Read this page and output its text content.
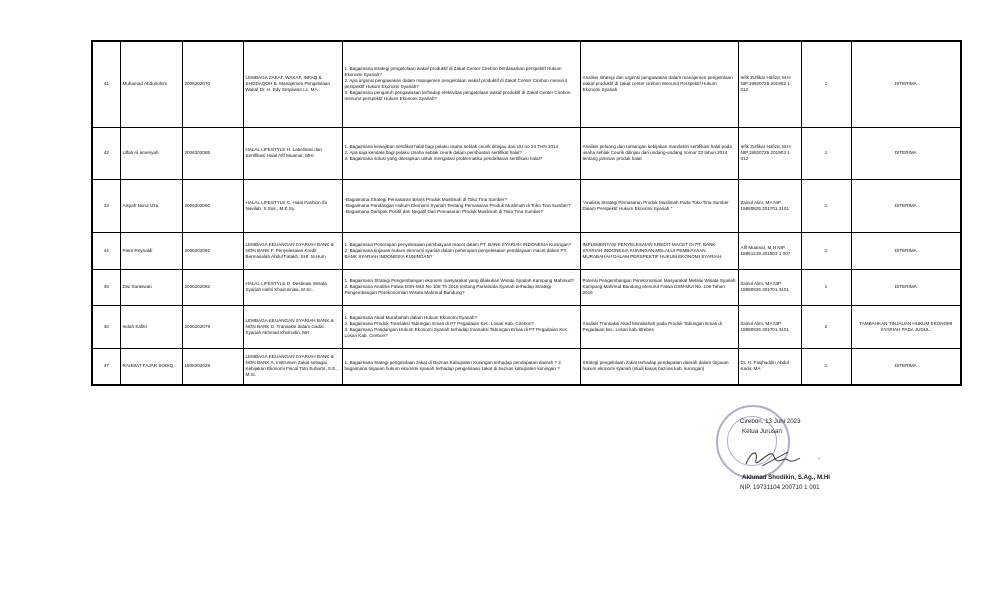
41	Muhamad Abdulrohim	2006202070	LEMBAGA ZAKAT, WAKAF, INFAQ & SHODAQOH B. Manajemen Pengelolaan Wakaf Dr. H. Edy Setyawan Lc, MA	1. Bagaimana strategi pengelolaan wakaf produktif di Zakat Center Cirebon berdasarkan perspektif Hukum Ekonomi Syariah?
2. Apa urgensi pengawasan dalam manajemen pengelolaan wakaf produktif di Zakat Center Cirebon menurut perspektif Hukum Ekonomi Syariah?
3. Bagaimana pengaruh pengawasan terhadap efektivitas pengelolaan wakaf produktif di Zakat Center Cirebon menurut perspektif Hukum Ekonomi Syariah?	Analisis strategi dan urgensi pengawasan dalam manajemen pengelolaan wakaf produktif di zakat center cirebon Menurut Perspektif Hukum Ekonomi Syariah	Iefik Zulfikar Hafizd, M.H NIP.19920725 201903 1 012	1	DITERIMA
42	Ulfah Al ameriyah	2006202065	HALAL LIFESTYLE H. Labelisasi dan Sertifikasi Halal Afif Muamar, MHI	1. Bagaimana kewajiban sertifikat halal bagi pelaku usaha seblak ceurik ditinjau dari UU no 33 THN 2014
2. Apa saja kendala bagi pelaku Usaha seblak ceurik dalam pembuatan sertifikat halal?
3. Bagaimana solusi yang diterapkan untuk mengatasi problematika pendaftaran sertifikasi halal?	Analisis peluang dan tantangan kebijakan mandatori sertifikasi halal pada usaha seblak Ceurik ditinjau dari undang-undang nomor 33 tahun 2014 tentang jaminan produk halal	Iefik Zulfikar Hafizd, M.H NIP.19920725 201903 1 012	1	DITERIMA
43	Alsyah Nurul Izza	2006202060	HALAL LIFESTYLE C. Halal Fashion Ifa Navilah, S.Sos., M.E.Sy.	-Bagaimana Strategi Pemasaran Bisnis Produk Muslimah di Toko Tina Sumber?
-Bagaimana Pandangan Hukum Ekonomi Syariah Tentang Pemasaran Produk Muslimah di Toko Tina Sumber?
-Bagaimana Dampak Positif dan Negatif Dari Pemasaran Produk Muslimah di Toko Tina Sumber?	"Analisis Strategi Pemasaran Produk Muslimah Pada Toko Tina Sumber Dalam Perspektif Hukum Ekonomi Syariah."	Zainul Alim, MA NIP. 19880825 201701 3101	1	DITERIMA
44	Piere Reynaldi	2006202092	LEMBAGA KEUANGAN SYARIAH BANK & NON BANK F. Penyelesaian Kredit Bermasalah Abdul Fatakh, SHI. M.Hum	1. Bagaimana Penerapan penyelesaian pembiayaan macet dalam PT. BANK SYARIAH INDONESIA Kuningan?
2. Bagaimana tinjauan hukum ekonomi syariah dalam penerapan penyelesaian pembiayaan macet dalam PT. BANK SYARIAH INDONESIA KUNINGAN?	IMPLEMENTASI PENYELESAIAN KREDIT MACET DI PT. BANK SYARIAH INDONESIA KUNINGAN MELALUI PEMBIAYAAN MURABAHAH DALAM PERSPEKTIF HUKUM EKONOMI SYARIAH.	Afif Muamar, M.H NIP. 19851219 201503 1 007	1	DITERIMA
45	Dwi Saraswati	2006202082	HALAL LIFESTYLE D. Destinasi Wisata Syariah Hafni Khairunnisa, M.Sc.	1. Bagaimana Strategi Pengembangan ekonomi masyarakat yang dilakukan Wisata Syariah Kampung Mahmud?
2. Bagaimana Analisis Fatwa DSN-MUI No 108 Th 2016 tentang Pariwisata Syariah terhadap Strategi Pengembangan Perekonomian Wisata Mahmud Bandung?	Potensi Pengembangan Perekonomian Masyarakat Melalui Wisata Syariah Kampung Mahmud Bandung Menurut Fatwa DSN-MUI No. 108 Tahun 2016	Zainul Alim, MA NIP. 19880825 201701 3101	1	DITERIMA
46	Indah Safitri	2006202079	LEMBAGA KEUANGAN SYARIAH BANK & NON BANK D. Transaksi dalam Gadai Syariah Akhmad Kholrudin, MH	1. Bagaimana Akad Murabahah dalam Hukum Ekonomi Syariah?
2. Bagaimana Produk Transaksi Tabungan Emas di PT Pegadaian Kec. Losari Kab. Cirebon?
3. Bagaimana Pandangan Hukum Ekonomi Syariah terhadap transaksi Tabungan Emas di PT Pegadaian Kec. Losari Kab. Cirebon?	Analisis Transaksi Akad Murabahah pada Produk Tabungan Emas di Pegadaian kec. Losari kab. Brebes	Zainul Alim, MA NIP. 19880825 201701 3101	2	TAMBAHKAN TINJAUAN HUKUM EKONOMI SYARIAH PADA JUDUL.
47	RAHMAT FAJAR SODIQ	1808202029	LEMBAGA KEUANGAN SYARIAH BANK & NON BANK A. Instrumen Zakat sebagai Kebijakan Ekonomi Fiscal Toto Suharto, S.E., M.Si.	1. Bagaimana Stategi pengelolaan zakat di Baznas Kabupaten Kuningan terhadap pendapatan daerah ? 2. bagaimana tinjauan hukum ekonomi syariah terhadap pengelolaan zakat di baznas kabupaten kuningan ?	Strategi pengelolaan zakat terhadap pendapatan daerah dalam tinjauan hukum ekonomi syariah (studi kasus baznas kab. kuningan)	Dr. H. Fasjhuddin Abdul Kadir, MA	1	DITERIMA
Cirebon, 13 Juni 2023
Ketua Jurusan
-
Akhmad Shodikin, S.Ag., M.HI
NIP. 19731104 200710 1 001
